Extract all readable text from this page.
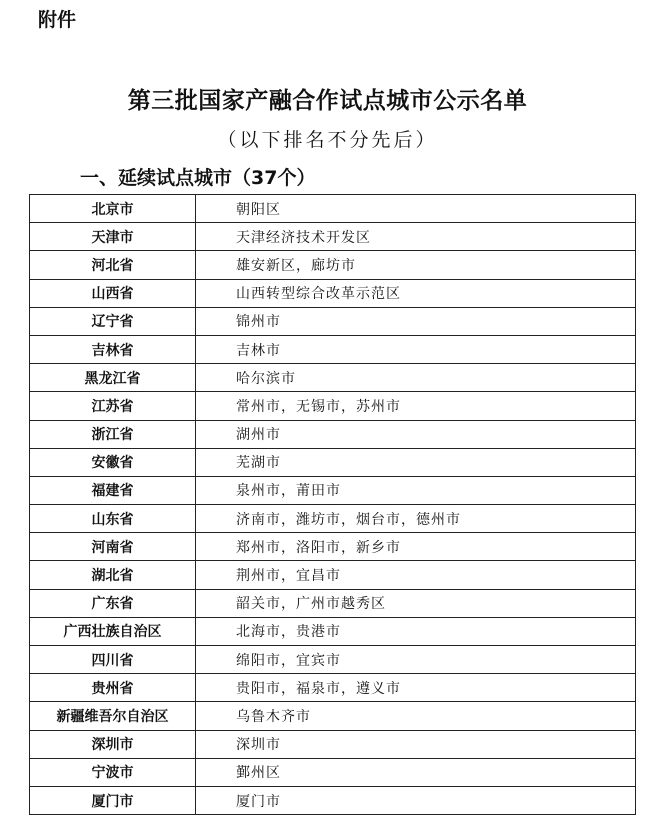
附件
第三批国家产融合作试点城市公示名单
（以下排名不分先后）
一、延续试点城市（37个）
北京市	朝阳区
天津市	天津经济技术开发区
河北省	雄安新区，廊坊市
山西省	山西转型综合改革示范区
辽宁省	锦州市
吉林省	吉林市
黑龙江省	哈尔滨市
江苏省	常州市，无锡市，苏州市
浙江省	湖州市
安徽省	芜湖市
福建省	泉州市，莆田市
山东省	济南市，潍坊市，烟台市，德州市
河南省	郑州市，洛阳市，新乡市
湖北省	荆州市，宜昌市
广东省	韶关市，广州市越秀区
广西壮族自治区	北海市，贵港市
四川省	绵阳市，宜宾市
贵州省	贵阳市，福泉市，遵义市
新疆维吾尔自治区	乌鲁木齐市
深圳市	深圳市
宁波市	鄞州区
厦门市	厦门市
